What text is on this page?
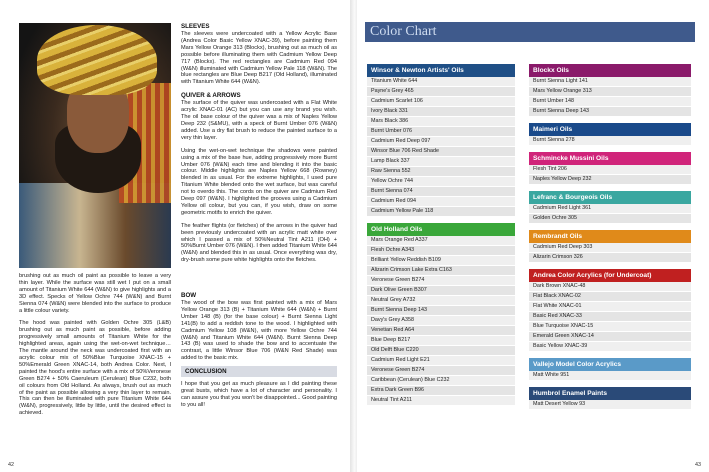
SLEEVES

The sleeves were undercoated with a Yellow Acrylic Base (Andrea Color Basic Yellow XNAC-39), before painting them Mars Yellow Orange 313 (Blockx), brushing out as much oil as possible before illuminating them with Cadmium Yellow Deep 717 (Blockx). The red rectangles are Cadmium Red 094 (W&N) illuminated with Cadmium Yellow Pale 118 (W&N). The blue rectangles are Blue Deep B217 (Old Holland), illuminated with Titanium White 644 (W&N).

QUIVER & ARROWS

The surface of the quiver was undercoated with a Flat White acrylic XNAC-01 (AC) but you can use any brand you wish. The oil base colour of the quiver was a mix of Naples Yellow Deep 232 (S&MU), with a speck of Burnt Umber 076 (W&N) added. Use a dry flat brush to reduce the painted surface to a very thin layer.

Using the wet-on-wet technique the shadows were painted using a mix of the base hue, adding progressively more Burnt Umber 076 (W&N) each time and blending it into the basic colour. Middle highlights are Naples Yellow 668 (Rowney) blended in as usual. For the extreme highlights, I used pure Titanium White blended onto the wet surface, but was careful not to overdo this. The cords on the quiver are Cadmium Red Deep 097 (W&N). I highlighted the grooves using a Cadmium Yellow oil colour, but you can, if you wish, draw on some geometric motifs to enrich the quiver.

The feather flights (or fletches) of the arrows in the quiver had been previously undercoated with an acrylic matt white over which I passed a mix of 50%Neutral Tint A211 (OH) + 50%Burnt Umber 076 (W&N). I then added Titanium White 644 (W&N) and blended this in as usual. Once everything was dry, dry-brush some pure white highlights onto the fletches.

brushing out as much oil paint as possible to leave a very thin layer. While the surface was still wet I put on a small amount of Titanium White 644 (W&N) to give highlights and a 3D effect. Specks of Yellow Ochre 744 (W&N) and Burnt Sienna 074 (W&N) were blended into the surface to produce a little colour variety.

The hood was painted with Golden Ochre 305 (L&B) brushing out as much paint as possible, before adding progressively small amounts of Titanium White for the highlighted areas, again using the wet-on-wet technique… The mantle around the neck was undercoated first with an acrylic colour mix of 50%Blue Turquoise XNAC-15 + 50%Emerald Green XNAC-14, both Andrea Color. Next, I painted the hood's entire surface with a mix of 50%Veronese Green B274 + 50% Caeruleum (Cerulean) Blue C232, both oil colours from Old Holland. As always, brush out as much of the paint as possible allowing a very thin layer to remain. This can then be illuminated with pure Titanium White 644 (W&N), progressively, little by little, until the desired effect is achieved.

BOW

The wood of the bow was first painted with a mix of Mars Yellow Orange 313 (B) + Titanium White 644 (W&N) + Burnt Umber 148 (B) (for the base colour) + Burnt Sienna Light 141(B) to add a reddish tone to the wood. I highlighted with Cadmium Yellow 108 (W&N), with more Yellow Ochre 744 (W&N) and Titanium White 644 (W&N). Burnt Sienna Deep 143 (B) was used to shade the bow and to accentuate the contrast, a little Winsor Blue 706 (W&N Red Shade) was added to the basic mix.

CONCLUSION

I hope that you get as much pleasure as I did painting these great busts, which have a lot of character and personality. I can assure you that you won't be disappointed... Good painting to you all!

42
Color Chart
Winsor & Newton Artists' Oils
Titanium White 644
Payne's Grey 465
Cadmium Scarlet 106
Ivory Black 331
Mars Black 386
Burnt Umber 076
Cadmium Red Deep 097
Winsor Blue 706 Red Shade
Lamp Black 337
Raw Sienna 552
Yellow Ochre 744
Burnt Sienna 074
Cadmium Red 094
Cadmium Yellow Pale 118
Old Holland Oils
Mars Orange Red A337
Flesh Ochre A343
Brilliant Yellow Reddish B109
Alizarin Crimson Lake Extra C163
Veronese Green B274
Dark Olive Green B307
Neutral Grey A732
Burnt Sienna Deep 143
Davy's Grey A358
Venetian Red A64
Blue Deep B217
Old Delft Blue C220
Cadmium Red Light E21
Veronese Green B274
Caribbean (Cerulean) Blue C232
Extra Dark Green B96
Neutral Tint A211
Blockx Oils
Burnt Sienna Light 141
Mars Yellow Orange 313
Burnt Umber 148
Burnt Sienna Deep 143
Maimeri Oils
Burnt Sienna 278
Schmincke Mussini Oils
Flesh Tint 206
Naples Yellow Deep 232
Lefranc & Bourgeois Oils
Cadmium Red Light 361
Golden Ochre 305
Rembrandt Oils
Cadmium Red Deep 303
Alizarin Crimson 326
Andrea Color Acrylics (for Undercoat)
Dark Brown XNAC-48
Flat Black XNAC-02
Flat White XNAC-01
Basic Red XNAC-33
Blue Turquoise XNAC-15
Emerald Green XNAC-14
Basic Yellow XNAC-39
Vallejo Model Color Acrylics
Matt White 951
Humbrol Enamel Paints
Matt Desert Yellow 93
43
